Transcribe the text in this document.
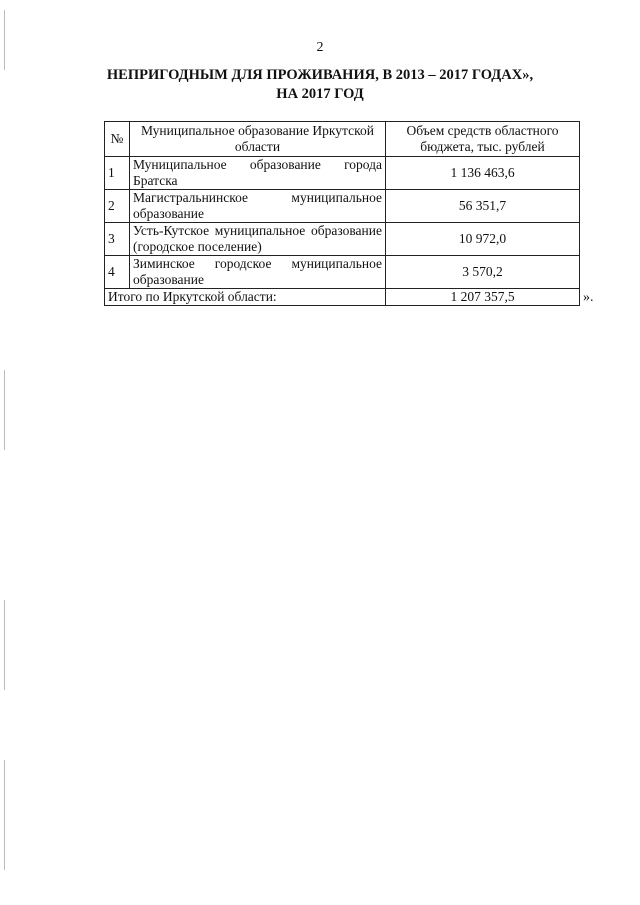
2
НЕПРИГОДНЫМ ДЛЯ ПРОЖИВАНИЯ, В 2013 – 2017 ГОДАХ», НА 2017 ГОД
№	Муниципальное образование Иркутской области	Объем средств областного бюджета, тыс. рублей
1	Муниципальное образование города Братска	1 136 463,6
2	Магистральнинское муниципальное образование	56 351,7
3	Усть-Кутское муниципальное образование (городское поселение)	10 972,0
4	Зиминское городское муниципальное образование	3 570,2
Итого по Иркутской области:		1 207 357,5	».
